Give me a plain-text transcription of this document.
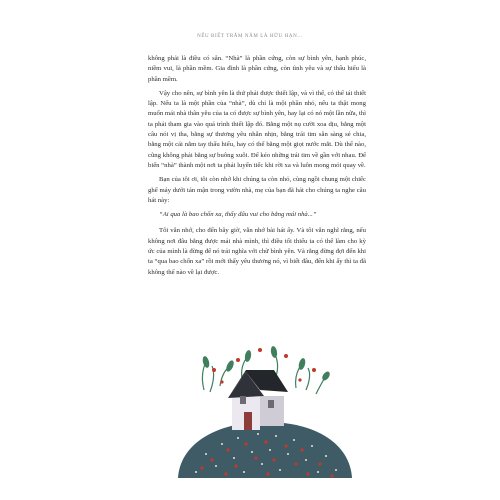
NẾU BIẾT TRĂM NĂM LÀ HỮU HẠN...

không phải là điều có sẵn. “Nhà” là phần cứng, còn sự bình yên, hạnh phúc, niềm vui, là phần mềm. Gia đình là phần cứng, còn tình yêu và sự thấu hiểu là phần mềm.

Vậy cho nên, sự bình yên là thứ phải được thiết lập, và vì thế, có thể tái thiết lập. Nếu ta là một phần của “nhà”, dù chỉ là một phần nhỏ, nếu ta thật mong muốn mái nhà thân yêu của ta có được sự bình yên, hay lại có nó một lần nữa, thì ta phải tham gia vào quá trình thiết lập đó. Bằng một nụ cười xoa dịu, bằng một câu nói vị tha, bằng sự thương yêu nhẫn nhịn, bằng trái tim sẵn sàng sẻ chia, bằng một cái nắm tay thấu hiểu, hay có thể bằng một giọt nước mắt. Dù thế nào, cũng không phải bằng sự buông xuôi. Để kéo những trái tim về gần với nhau. Để biến “nhà” thành một nơi ta phải luyến tiếc khi rời xa và luôn mong mỏi quay về.

Bạn của tôi ơi, tôi còn nhớ khi chúng ta còn nhỏ, cùng ngồi chung một chiếc ghế máy dưới tán mận trong vườn nhà, mẹ của bạn đã hát cho chúng ta nghe câu hát này:

“Ai qua là bao chốn xa, thấy đâu vui cho bằng mái nhà...”

Tôi vẫn nhớ, cho đến bây giờ, vẫn nhớ bài hát ấy. Và tôi vẫn nghĩ rằng, nếu không nơi đâu bằng được mái nhà mình, thì điều tối thiểu ta có thể làm cho kỳ ức của mình là đừng để nó trải nghĩa với chữ bình yên. Và rằng đừng đợi đến khi ta “qua bao chốn xa” rồi mới thấy yêu thương nó, vì biết đâu, đến khi ấy thì ta đã không thể nào về lại được.
